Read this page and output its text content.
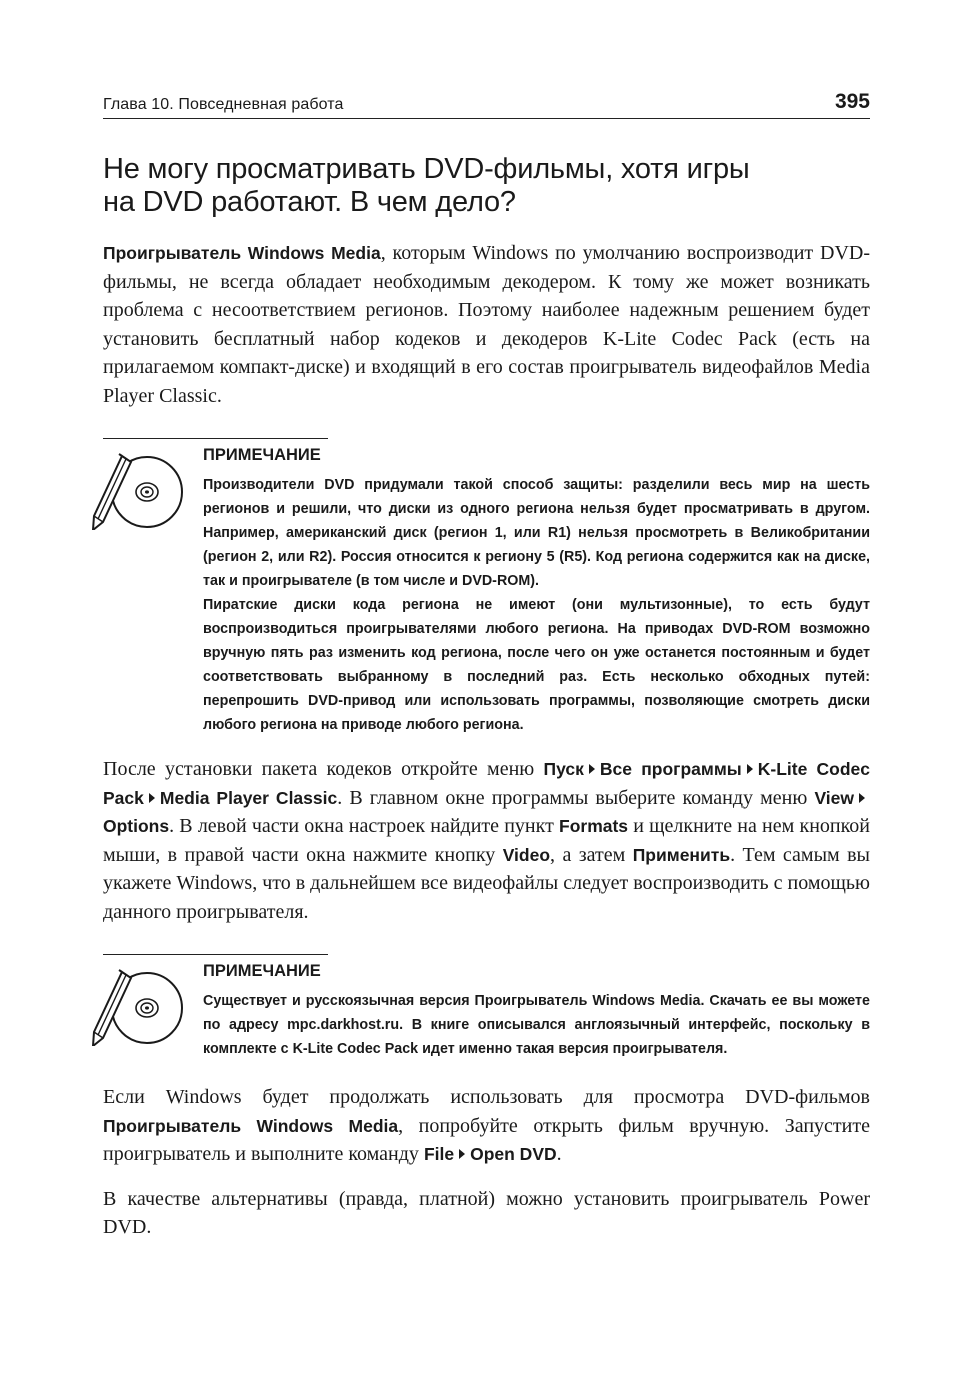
Глава 10. Повседневная работа	395
Не могу просматривать DVD-фильмы, хотя игры
на DVD работают. В чем дело?

Проигрыватель Windows Media, которым Windows по умолчанию воспроизводит DVD-фильмы, не всегда обладает необходимым декодером. К тому же может возникать проблема с несоответствием регионов. Поэтому наиболее надежным решением будет установить бесплатный набор кодеков и декодеров K-Lite Codec Pack (есть на прилагаемом компакт-диске) и входящий в его состав проигрыватель видеофайлов Media Player Classic.

ПРИМЕЧАНИЕ

Производители DVD придумали такой способ защиты: разделили весь мир на шесть регионов и решили, что диски из одного региона нельзя будет просматривать в другом. Например, американский диск (регион 1, или R1) нельзя просмотреть в Великобритании (регион 2, или R2). Россия относится к региону 5 (R5). Код региона содержится как на диске, так и проигрывателе (в том числе и DVD-ROM).

Пиратские диски кода региона не имеют (они мультизонные), то есть будут воспроизводиться проигрывателями любого региона. На приводах DVD-ROM возможно вручную пять раз изменить код региона, после чего он уже останется постоянным и будет соответствовать выбранному в последний раз. Есть несколько обходных путей: перепрошить DVD-привод или использовать программы, позволяющие смотреть диски любого региона на приводе любого региона.

После установки пакета кодеков откройте меню Пуск Все программы K-Lite Codec Pack Media Player Classic. В главном окне программы выберите команду меню ViewOptions. В левой части окна настроек найдите пункт Formats и щелкните на нем кнопкой мыши, в правой части окна нажмите кнопку Video, а затем Применить. Тем самым вы укажете Windows, что в дальнейшем все видеофайлы следует воспроизводить с помощью данного проигрывателя.

ПРИМЕЧАНИЕ

Существует и русскоязычная версия Проигрыватель Windows Media. Скачать ее вы можете по адресу mpc.darkhost.ru. В книге описывался англоязычный интерфейс, поскольку в комплекте с K-Lite Codec Pack идет именно такая версия проигрывателя.

Если Windows будет продолжать использовать для просмотра DVD-фильмов Проигрыватель Windows Media, попробуйте открыть фильм вручную. Запустите проигрыватель и выполните команду File Open DVD.

В качестве альтернативы (правда, платной) можно установить проигрыватель Power DVD.
